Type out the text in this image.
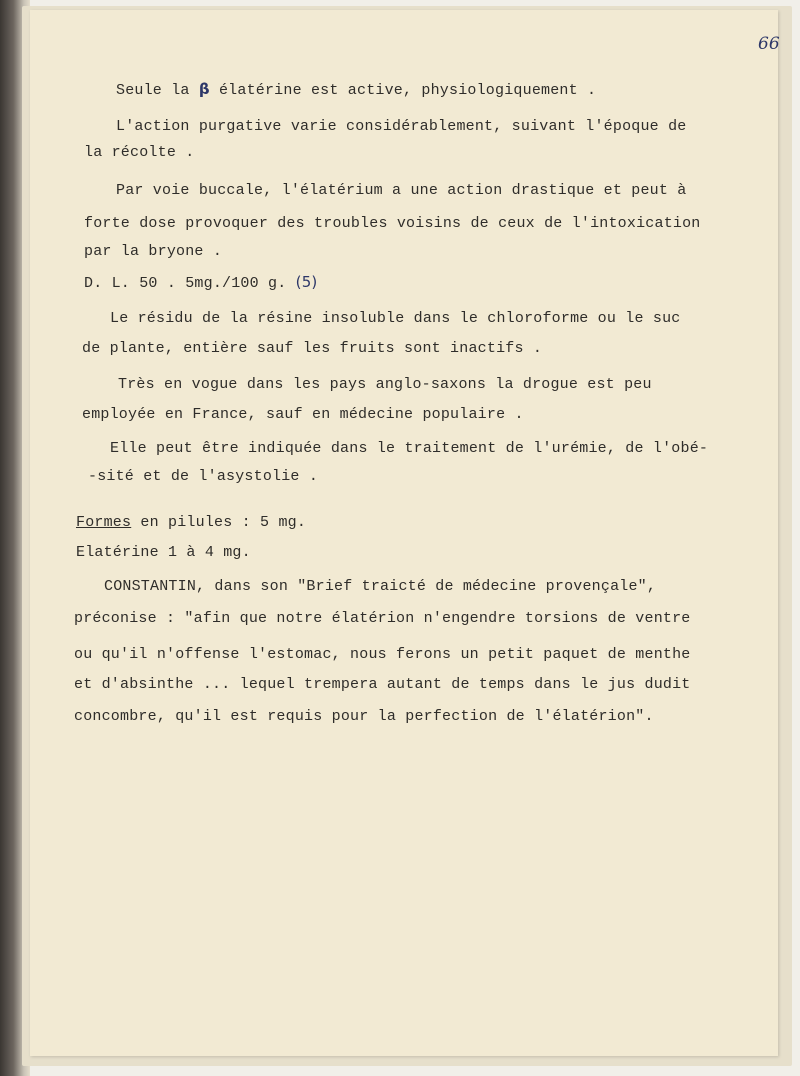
66
Seule la β élatérine est active, physiologiquement .
L'action purgative varie considérablement, suivant l'époque de
la récolte .
Par voie buccale, l'élatérium a une action drastique et peut à
forte dose provoquer des troubles voisins de ceux de l'intoxication
par la bryone .
D. L. 50 . 5mg./100 g. (5)
Le résidu de la résine insoluble dans le chloroforme ou le suc
de plante, entière sauf les fruits sont inactifs .
Très en vogue dans les pays anglo-saxons la drogue est peu
employée en France, sauf en médecine populaire .
Elle peut être indiquée dans le traitement de l'urémie, de l'obé-
-sité et de l'asystolie .
Formes en pilules : 5 mg.
Elatérine 1 à 4 mg.
CONSTANTIN, dans son "Brief traicté de médecine provençale",
préconise : "afin que notre élatérion n'engendre torsions de ventre
ou qu'il n'offense l'estomac, nous ferons un petit paquet de menthe
et d'absinthe ... lequel trempera autant de temps dans le jus dudit
concombre, qu'il est requis pour la perfection de l'élatérion".
